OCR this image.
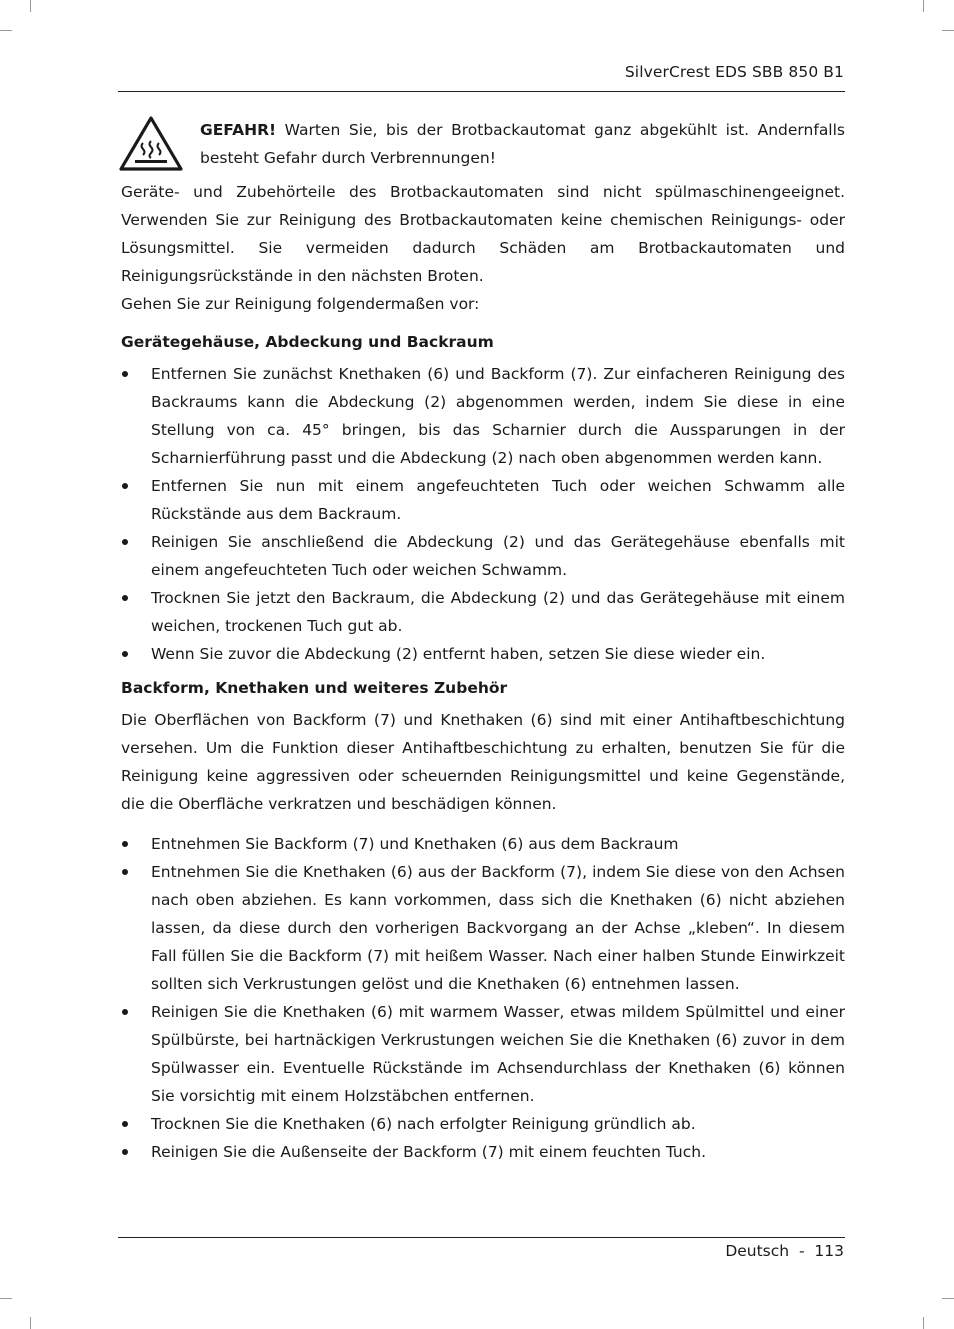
SilverCrest EDS SBB 850 B1

GEFAHR! Warten Sie, bis der Brotbackautomat ganz abgekühlt ist. Andernfalls besteht Gefahr durch Verbrennungen!

Geräte- und Zubehörteile des Brotbackautomaten sind nicht spülmaschinengeeignet. Verwenden Sie zur Reinigung des Brotbackautomaten keine chemischen Reinigungs- oder Lösungsmittel. Sie vermeiden dadurch Schäden am Brotbackautomaten und Reinigungsrückstände in den nächsten Broten.

Gehen Sie zur Reinigung folgendermaßen vor:

Gerätegehäuse, Abdeckung und Backraum
Entfernen Sie zunächst Knethaken (6) und Backform (7). Zur einfacheren Reinigung des Backraums kann die Abdeckung (2) abgenommen werden, indem Sie diese in eine Stellung von ca. 45° bringen, bis das Scharnier durch die Aussparungen in der Scharnierführung passt und die Abdeckung (2) nach oben abgenommen werden kann.
Entfernen Sie nun mit einem angefeuchteten Tuch oder weichen Schwamm alle Rückstände aus dem Backraum.
Reinigen Sie anschließend die Abdeckung (2) und das Gerätegehäuse ebenfalls mit einem angefeuchteten Tuch oder weichen Schwamm.
Trocknen Sie jetzt den Backraum, die Abdeckung (2) und das Gerätegehäuse mit einem weichen, trockenen Tuch gut ab.
Wenn Sie zuvor die Abdeckung (2) entfernt haben, setzen Sie diese wieder ein.
Backform, Knethaken und weiteres Zubehör

Die Oberflächen von Backform (7) und Knethaken (6) sind mit einer Antihaftbeschichtung versehen. Um die Funktion dieser Antihaftbeschichtung zu erhalten, benutzen Sie für die Reinigung keine aggressiven oder scheuernden Reinigungsmittel und keine Gegenstände, die die Oberfläche verkratzen und beschädigen können.

Entnehmen Sie Backform (7) und Knethaken (6) aus dem Backraum
Entnehmen Sie die Knethaken (6) aus der Backform (7), indem Sie diese von den Achsen nach oben abziehen. Es kann vorkommen, dass sich die Knethaken (6) nicht abziehen lassen, da diese durch den vorherigen Backvorgang an der Achse „kleben“. In diesem Fall füllen Sie die Backform (7) mit heißem Wasser. Nach einer halben Stunde Einwirkzeit sollten sich Verkrustungen gelöst und die Knethaken (6) entnehmen lassen.
Reinigen Sie die Knethaken (6) mit warmem Wasser, etwas mildem Spülmittel und einer Spülbürste, bei hartnäckigen Verkrustungen weichen Sie die Knethaken (6) zuvor in dem Spülwasser ein. Eventuelle Rückstände im Achsendurchlass der Knethaken (6) können Sie vorsichtig mit einem Holzstäbchen entfernen.
Trocknen Sie die Knethaken (6) nach erfolgter Reinigung gründlich ab.
Reinigen Sie die Außenseite der Backform (7) mit einem feuchten Tuch.
Deutsch  -  113
